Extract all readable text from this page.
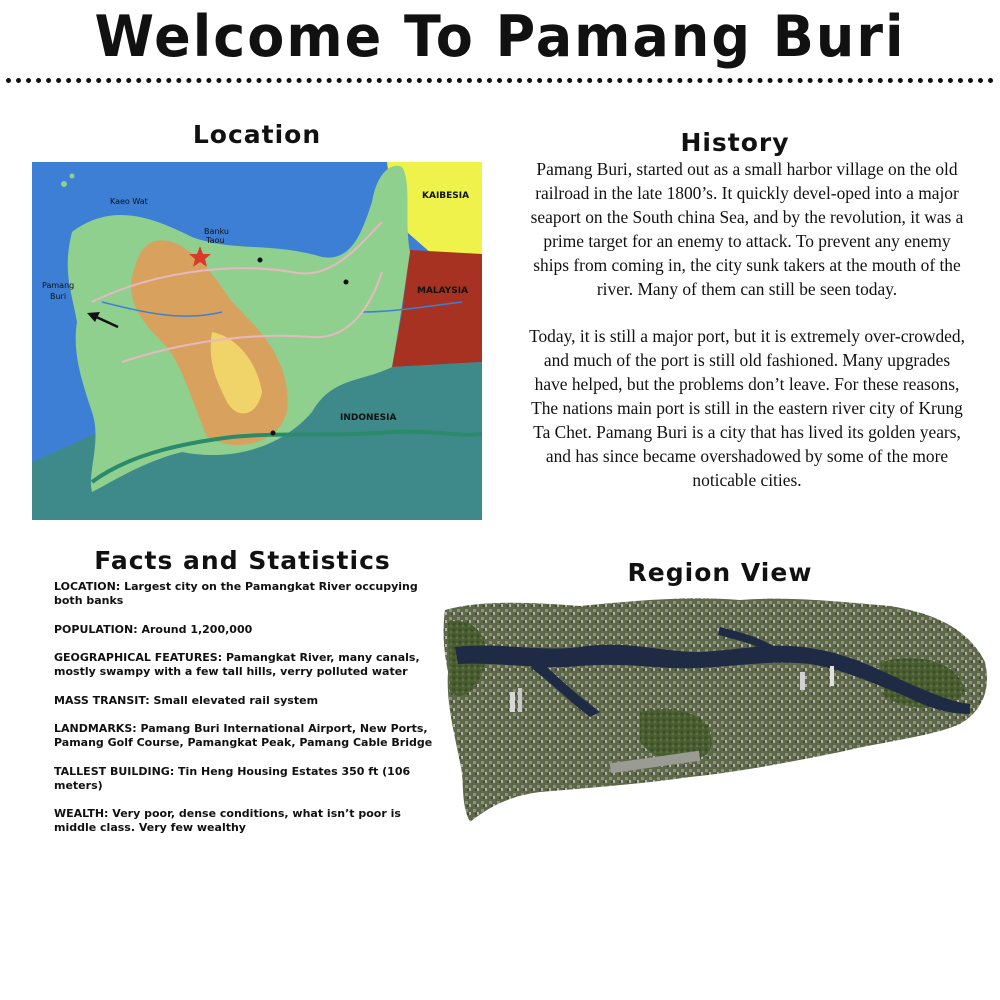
Welcome To Pamang Buri
Location
Kaeo Wat
Banku
Taou
Pamang
Buri
KAIBESIA
MALAYSIA
INDONESIA
History

Pamang Buri, started out as a small harbor village on the old railroad in the late 1800’s. It quickly devel-oped into a major seaport on the South china Sea, and by the revolution, it was a prime target for an enemy to attack. To prevent any enemy ships from coming in, the city sunk takers at the mouth of the river. Many of them can still be seen today.

Today, it is still a major port, but it is extremely over-crowded, and much of the port is still old fashioned. Many upgrades have helped, but the problems don’t leave. For these reasons, The nations main port is still in the eastern river city of Krung Ta Chet. Pamang Buri is a city that has lived its golden years, and has since became overshadowed by some of the more noticable cities.

Facts and Statistics
LOCATION: Largest city on the Pamangkat River occupying both banks
POPULATION: Around 1,200,000
GEOGRAPHICAL FEATURES: Pamangkat River, many canals, mostly swampy with a few tall hills, verry polluted water
MASS TRANSIT: Small elevated rail system
LANDMARKS: Pamang Buri International Airport, New Ports, Pamang Golf Course, Pamangkat Peak, Pamang Cable Bridge
TALLEST BUILDING: Tin Heng Housing Estates 350 ft (106 meters)
WEALTH: Very poor, dense conditions, what isn’t poor is middle class. Very few wealthy
Region View
